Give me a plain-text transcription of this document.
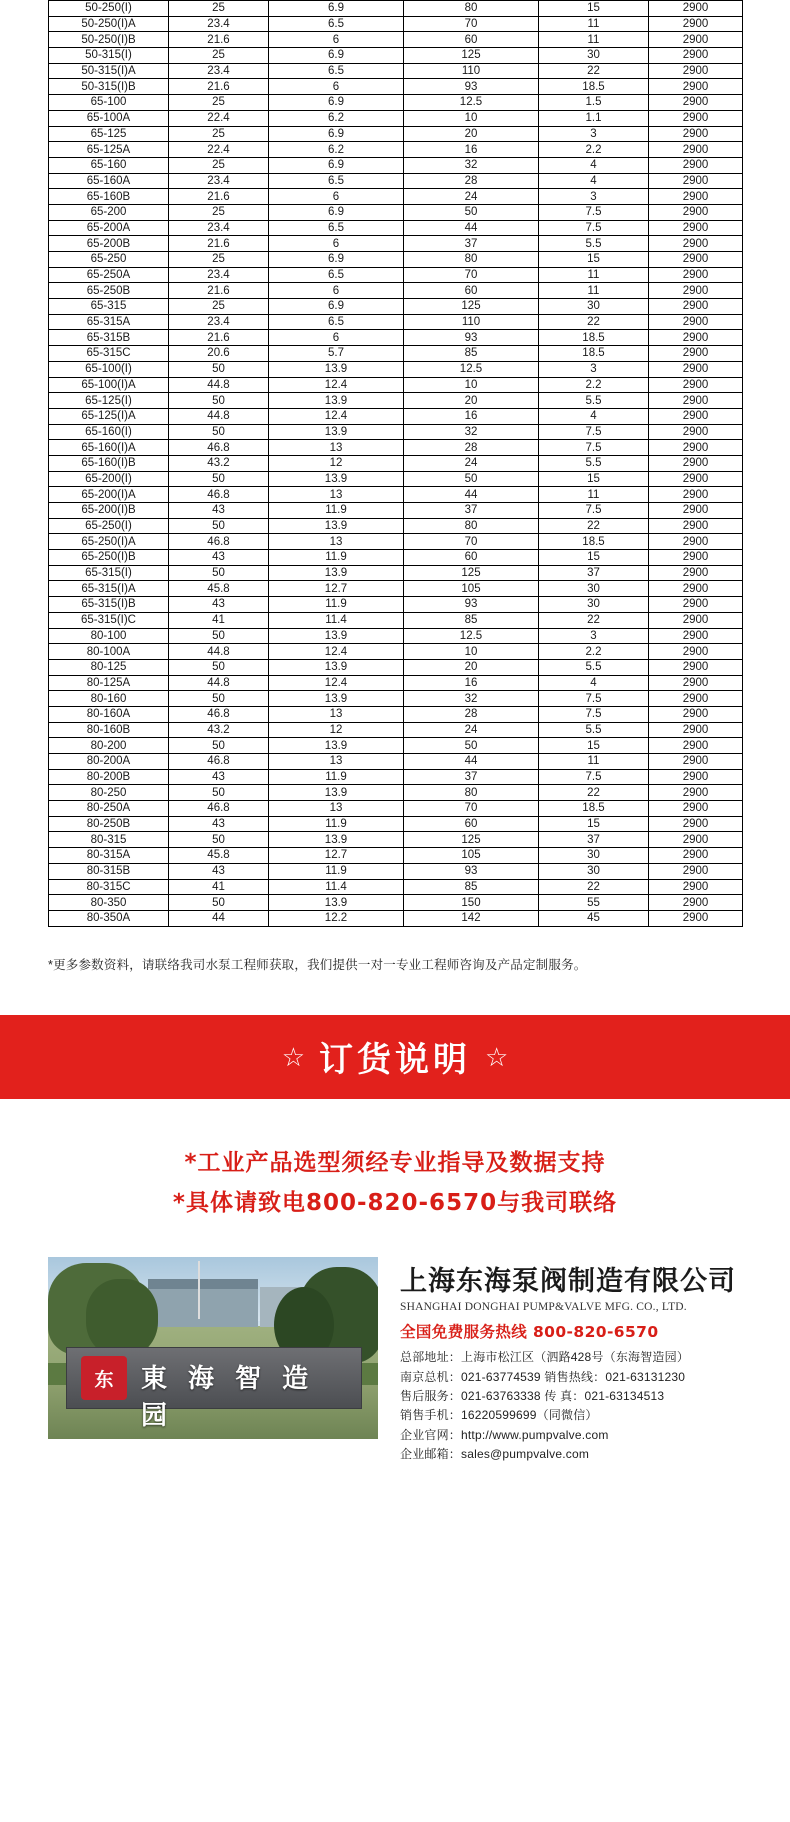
50-250(I)	25	6.9	80	15	2900
50-250(I)A	23.4	6.5	70	11	2900
50-250(I)B	21.6	6	60	11	2900
50-315(I)	25	6.9	125	30	2900
50-315(I)A	23.4	6.5	110	22	2900
50-315(I)B	21.6	6	93	18.5	2900
65-100	25	6.9	12.5	1.5	2900
65-100A	22.4	6.2	10	1.1	2900
65-125	25	6.9	20	3	2900
65-125A	22.4	6.2	16	2.2	2900
65-160	25	6.9	32	4	2900
65-160A	23.4	6.5	28	4	2900
65-160B	21.6	6	24	3	2900
65-200	25	6.9	50	7.5	2900
65-200A	23.4	6.5	44	7.5	2900
65-200B	21.6	6	37	5.5	2900
65-250	25	6.9	80	15	2900
65-250A	23.4	6.5	70	11	2900
65-250B	21.6	6	60	11	2900
65-315	25	6.9	125	30	2900
65-315A	23.4	6.5	110	22	2900
65-315B	21.6	6	93	18.5	2900
65-315C	20.6	5.7	85	18.5	2900
65-100(I)	50	13.9	12.5	3	2900
65-100(I)A	44.8	12.4	10	2.2	2900
65-125(I)	50	13.9	20	5.5	2900
65-125(I)A	44.8	12.4	16	4	2900
65-160(I)	50	13.9	32	7.5	2900
65-160(I)A	46.8	13	28	7.5	2900
65-160(I)B	43.2	12	24	5.5	2900
65-200(I)	50	13.9	50	15	2900
65-200(I)A	46.8	13	44	11	2900
65-200(I)B	43	11.9	37	7.5	2900
65-250(I)	50	13.9	80	22	2900
65-250(I)A	46.8	13	70	18.5	2900
65-250(I)B	43	11.9	60	15	2900
65-315(I)	50	13.9	125	37	2900
65-315(I)A	45.8	12.7	105	30	2900
65-315(I)B	43	11.9	93	30	2900
65-315(I)C	41	11.4	85	22	2900
80-100	50	13.9	12.5	3	2900
80-100A	44.8	12.4	10	2.2	2900
80-125	50	13.9	20	5.5	2900
80-125A	44.8	12.4	16	4	2900
80-160	50	13.9	32	7.5	2900
80-160A	46.8	13	28	7.5	2900
80-160B	43.2	12	24	5.5	2900
80-200	50	13.9	50	15	2900
80-200A	46.8	13	44	11	2900
80-200B	43	11.9	37	7.5	2900
80-250	50	13.9	80	22	2900
80-250A	46.8	13	70	18.5	2900
80-250B	43	11.9	60	15	2900
80-315	50	13.9	125	37	2900
80-315A	45.8	12.7	105	30	2900
80-315B	43	11.9	93	30	2900
80-315C	41	11.4	85	22	2900
80-350	50	13.9	150	55	2900
80-350A	44	12.2	142	45	2900
*更多参数资料，请联络我司水泵工程师获取，我们提供一对一专业工程师咨询及产品定制服务。
☆ 订货说明 ☆
*工业产品选型须经专业指导及数据支持
*具体请致电800-820-6570与我司联络
东	東 海 智 造 园
上海东海泵阀制造有限公司
SHANGHAI DONGHAI PUMP&VALVE MFG. CO., LTD.
全国免费服务热线 800-820-6570
总部地址：上海市松江区（泗路428号（东海智造园）
南京总机：021-63774539 销售热线：021-63131230
售后服务：021-63763338 传 真：021-63134513
销售手机：16220599699（同微信）
企业官网：http://www.pumpvalve.com
企业邮箱：sales@pumpvalve.com
